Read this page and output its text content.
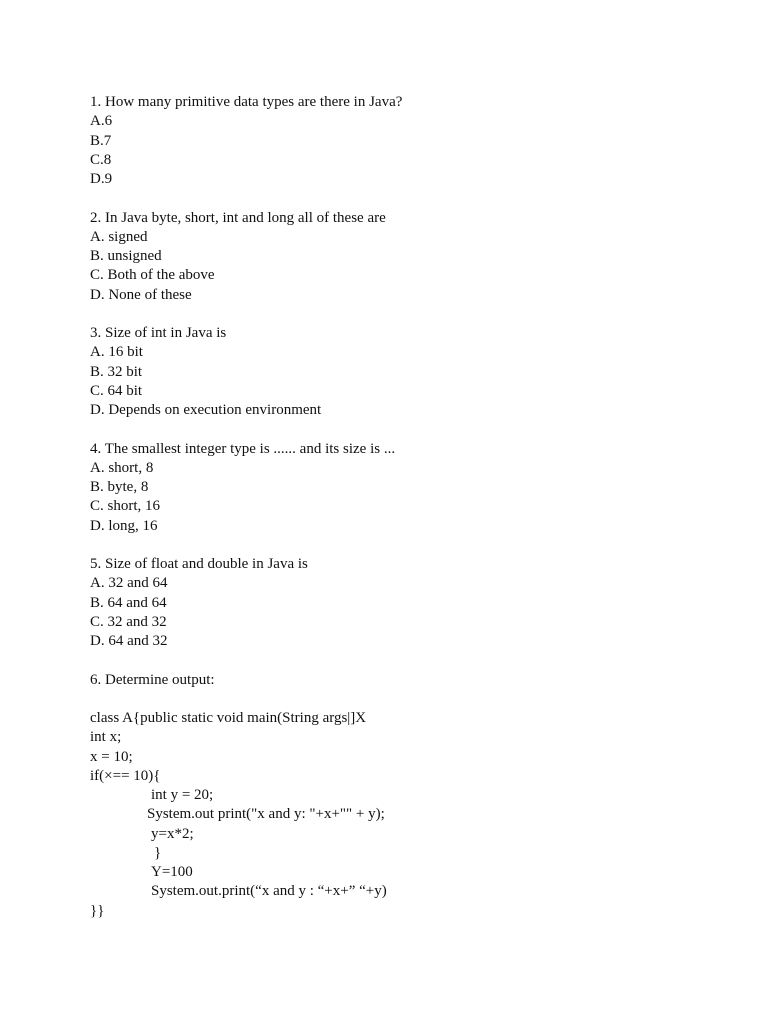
1. How many primitive data types are there in Java?
A.6
B.7
C.8
D.9
2. In Java byte, short, int and long all of these are
A. signed
B. unsigned
C. Both of the above
D. None of these
3. Size of int in Java is
A. 16 bit
B. 32 bit
C. 64 bit
D. Depends on execution environment
4. The smallest integer type is ...... and its size is ...
A. short, 8
B. byte, 8
C. short, 16
D. long, 16
5. Size of float and double in Java is
A. 32 and 64
B. 64 and 64
C. 32 and 32
D. 64 and 32
6. Determine output:
class A{public static void main(String args|]X
int x;
x = 10;
if(×== 10){
int y = 20;
System.out print("x and y: "+x+"" + y);
y=x*2;
}
Y=100
System.out.print(“x and y : “+x+” “+y)
}}
